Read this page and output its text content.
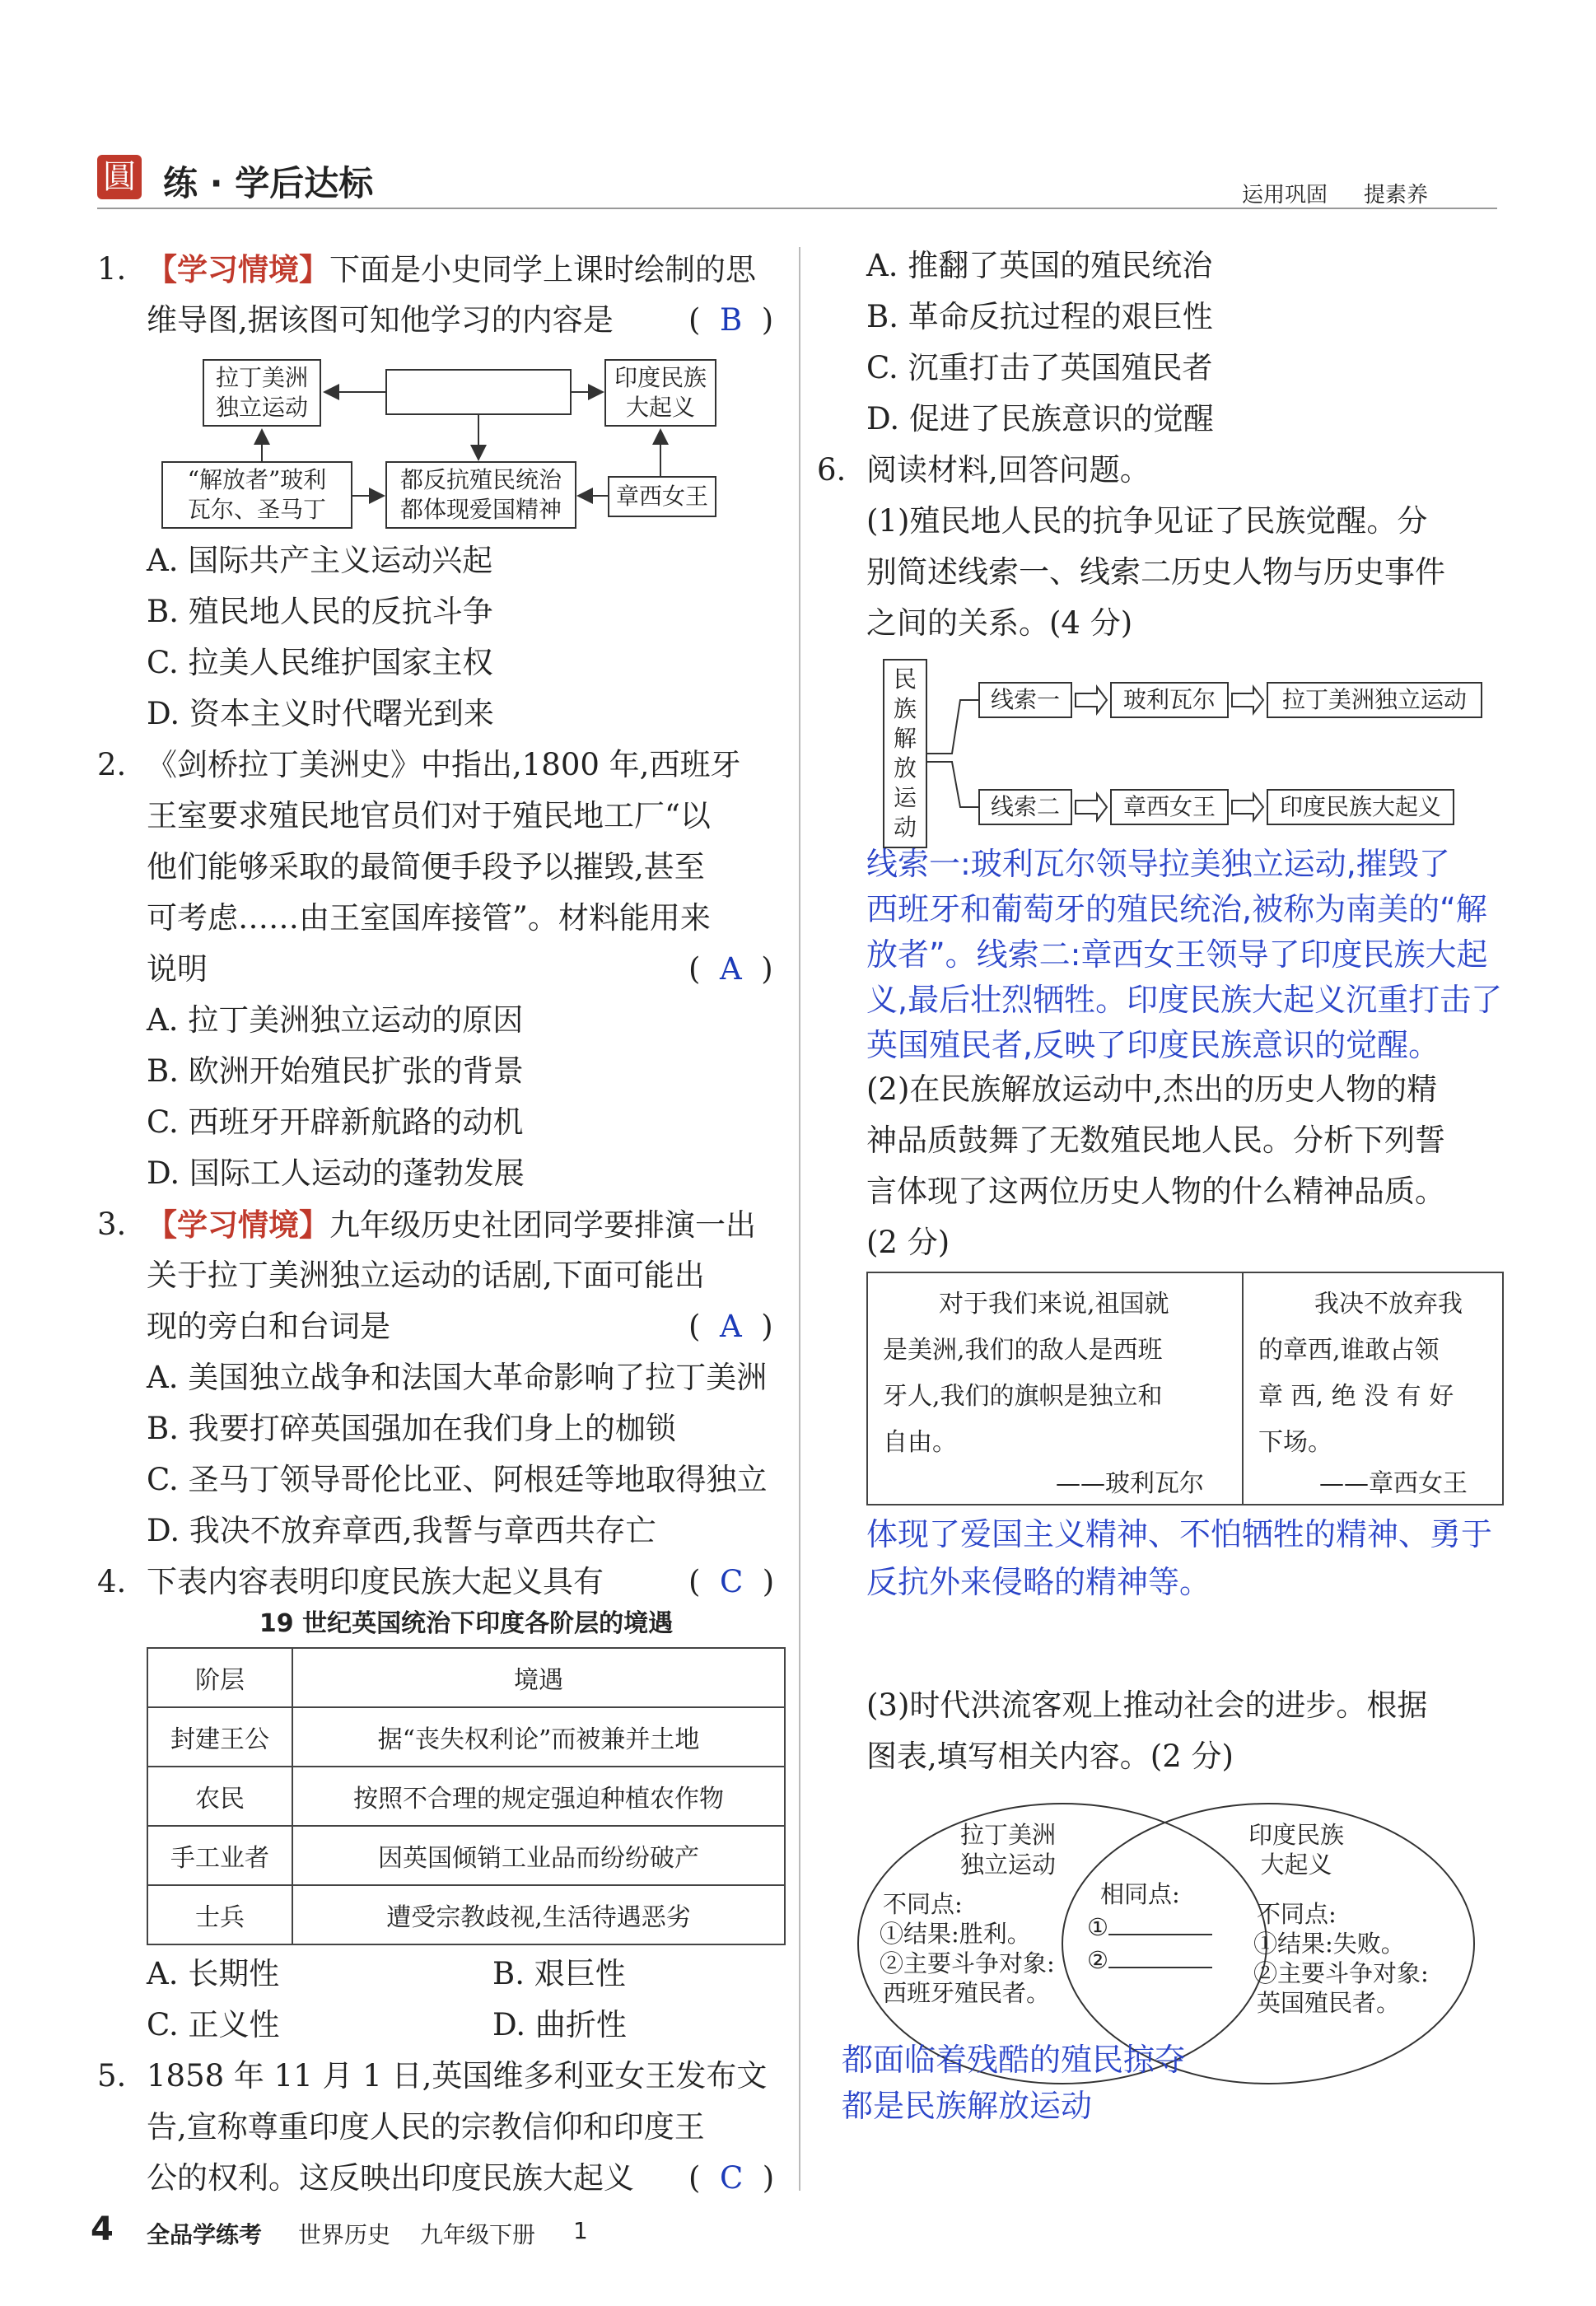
圓 练 · 学后达标	运用巩固 提素养
1. 【学习情境】下面是小史同学上课时绘制的思
维导图,据该图可知他学习的内容是 ( B )
拉丁美洲
独立运动
印度民族
大起义
“解放者”玻利
瓦尔、圣马丁
都反抗殖民统治
都体现爱国精神	章西女王
A. 国际共产主义运动兴起
B. 殖民地人民的反抗斗争
C. 拉美人民维护国家主权
D. 资本主义时代曙光到来
2. 《剑桥拉丁美洲史》中指出,1800 年,西班牙
王室要求殖民地官员们对于殖民地工厂“以
他们能够采取的最简便手段予以摧毁,甚至
可考虑……由王室国库接管”。材料能用来
说明	(  A  )
A. 拉丁美洲独立运动的原因
B. 欧洲开始殖民扩张的背景
C. 西班牙开辟新航路的动机
D. 国际工人运动的蓬勃发展
3. 【学习情境】九年级历史社团同学要排演一出
关于拉丁美洲独立运动的话剧,下面可能出
现的旁白和台词是	(  A  )
A. 美国独立战争和法国大革命影响了拉丁美洲
B. 我要打碎英国强加在我们身上的枷锁
C. 圣马丁领导哥伦比亚、阿根廷等地取得独立
D. 我决不放弃章西,我誓与章西共存亡
4. 下表内容表明印度民族大起义具有	(  C  )
19 世纪英国统治下印度各阶层的境遇
阶层	境遇
封建王公	据“丧失权利论”而被兼并土地
农民	按照不合理的规定强迫种植农作物
手工业者	因英国倾销工业品而纷纷破产
士兵	遭受宗教歧视,生活待遇恶劣
A. 长期性	B. 艰巨性
C. 正义性	D. 曲折性
5. 1858 年 11 月 1 日,英国维多利亚女王发布文
告,宣称尊重印度人民的宗教信仰和印度王
公的权利。这反映出印度民族大起义 (  C  )
A. 推翻了英国的殖民统治
B. 革命反抗过程的艰巨性
C. 沉重打击了英国殖民者
D. 促进了民族意识的觉醒
6. 阅读材料,回答问题。
(1)殖民地人民的抗争见证了民族觉醒。分
别简述线索一、线索二历史人物与历史事件
之间的关系。(4 分)
民
族
解
放
运
动
线索一	玻利瓦尔	拉丁美洲独立运动
线索二	章西女王	印度民族大起义
线索一:玻利瓦尔领导拉美独立运动,摧毁了
西班牙和葡萄牙的殖民统治,被称为南美的“解
放者”。线索二:章西女王领导了印度民族大起
义,最后壮烈牺牲。印度民族大起义沉重打击了
英国殖民者,反映了印度民族意识的觉醒。
(2)在民族解放运动中,杰出的历史人物的精
神品质鼓舞了无数殖民地人民。分析下列誓
言体现了这两位历史人物的什么精神品质。
(2 分)
对于我们来说,祖国就
是美洲,我们的敌人是西班
牙人,我们的旗帜是独立和
自由。
——玻利瓦尔
我决不放弃我
的章西,谁敢占领
章 西, 绝 没 有 好
下场。
——章西女王
体现了爱国主义精神、不怕牺牲的精神、勇于
反抗外来侵略的精神等。
(3)时代洪流客观上推动社会的进步。根据
图表,填写相关内容。(2 分)
拉丁美洲
独立运动
印度民族
大起义
相同点:
①
②
不同点:
①结果:胜利。
②主要斗争对象:
西班牙殖民者。
不同点:
①结果:失败。
②主要斗争对象:
英国殖民者。
都面临着残酷的殖民掠夺
都是民族解放运动
4 全品学练考 世界历史 九年级下册 1
